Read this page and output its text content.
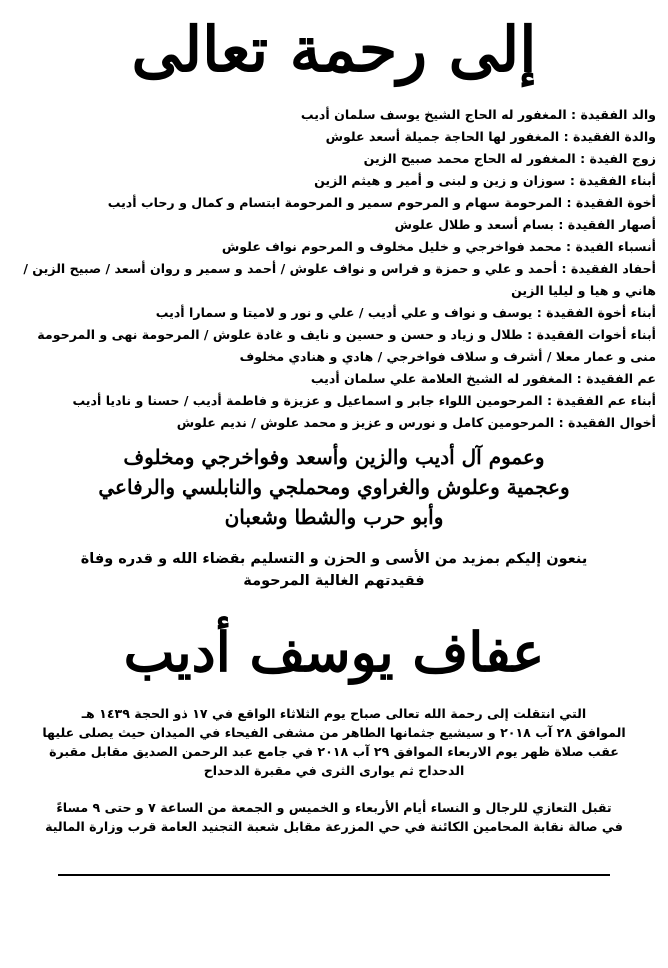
إلى رحمة تعالى
والد الفقيدة : المغفور له الحاج الشيخ يوسف سلمان أديب
والدة الفقيدة : المغفور لها الحاجة جميلة أسعد علوش
زوج الفيدة : المغفور له الحاج محمد صبيح الزين
أبناء الفقيدة : سوزان و زين و لبنى و أمير و هيثم الزين
أخوة الفقيدة : المرحومة سهام و المرحوم سمير و المرحومة ابتسام و كمال و رحاب أديب
أصهار الفقيدة : بسام أسعد و طلال علوش
أنسباء الفيدة : محمد فواخرجي و خليل مخلوف و المرحوم نواف علوش
أحفاد الفقيدة : أحمد و علي و حمزة و فراس و نواف علوش / أحمد و سمير و روان أسعد / صبيح الزين / هاني و هيا و ليليا الزين
أبناء أخوة الفقيدة : يوسف و نواف و علي أديب / علي و نور و لاميتا و سمارا أديب
أبناء أخوات الفقيدة : طلال و زياد و حسن و حسين و نايف و غادة علوش / المرحومة نهى و المرحومة منى و عمار معلا / أشرف و سلاف فواخرجي / هادي و هنادي مخلوف
عم الفقيدة : المغفور له الشيخ العلامة علي سلمان أديب
أبناء عم الفقيدة : المرحومين اللواء جابر و اسماعيل و عزيزة و فاطمة أديب / حسنا و ناديا أديب
أخوال الفقيدة : المرحومين كامل و نورس و عزيز و محمد علوش / نديم علوش
وعموم آل أديب والزين وأسعد وفواخرجي ومخلوف
وعجمية وعلوش والغراوي ومحملجي والنابلسي والرفاعي
وأبو حرب والشطا وشعبان
ينعون إليكم بمزيد من الأسى و الحزن و التسليم بقضاء الله و قدره وفاة
فقيدتهم الغالية المرحومة
عفاف يوسف أديب
التي انتقلت إلى رحمة الله تعالى صباح يوم الثلاثاء الواقع في ١٧ ذو الحجة ١٤٣٩ هـ
الموافق ٢٨ آب ٢٠١٨ و سيشيع جثمانها الطاهر من مشفى الفيحاء في الميدان حيث يصلى عليها
عقب صلاة ظهر يوم الاربعاء الموافق ٢٩ آب ٢٠١٨ في جامع عبد الرحمن الصديق مقابل مقبرة
الدحداح ثم يوارى الثرى في مقبرة الدحداح
تقبل التعازي للرجال و النساء أيام الأربعاء و الخميس و الجمعة من الساعة ٧ و حتى ٩ مساءً
في صالة نقابة المحامين الكائنة في حي المزرعة مقابل شعبة التجنيد العامة قرب وزارة المالية
